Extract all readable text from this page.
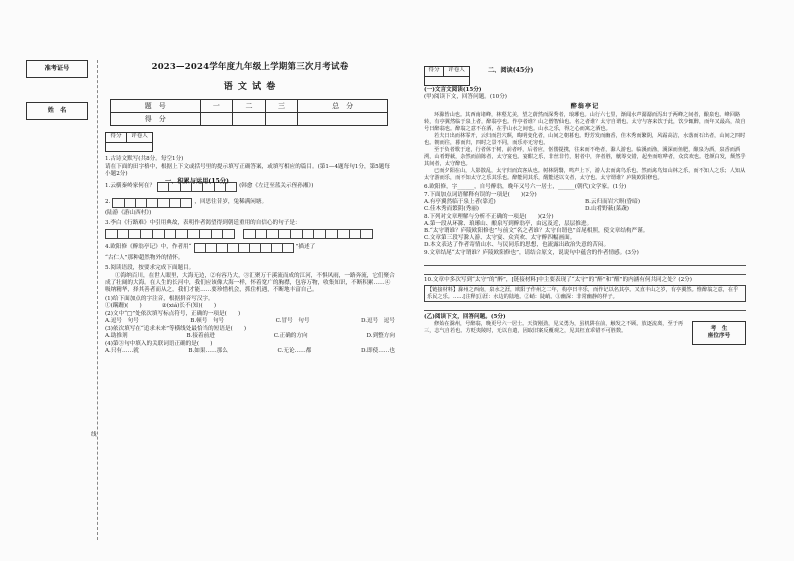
准考证号
姓　名
线
2023—2024学年度九年级上学期第三次月考试卷
语 文 试 卷
题　号	一	二	三	总　分
得　分				
得分	评卷人
一、积累与运用(15分)
1.古诗文默写(共8分。每空1分)
请在下面的田字格中，根据上下文或括号里的提示填写正确答案，或填写相应的篇目。(第1—4题每句1分，第5题每小题2分)
1.云横秦岭家何在？	(韩愈《左迁至蓝关示侄孙湘》)
2.	，回思往昔岁，兔稀满闲塘。
(陆游《游山西村》)
3.李白《行路难》中引用典故，表明作者渴望得到朝廷重用的自信心的句子是：
4.欧阳修《醉翁亭记》中，作者用“	”描述了
“古仁人”那种超然物外的情怀。
5.阅读语段，按要求完成下面题目。
①海纳百川，在世人眼里，大海无边，②有容乃大，③汇聚万千溪流而成的江河，不惧风雨，一路奔流，它们聚合成了壮阔的大海。在人生的长河中，我们应该像大海一样，怀着宽广的胸襟，包容万物，收集知识，不断积累……④吸纳精华，择其善者而从之，我们才能……要珍惜机会，抓住机遇，不断地丰富自己。
(1)给下面加点的字注音，根据拼音写汉字。
①(蹒跚)(　　)	②(xiá)长不(知)(　　)
(2)文中“□”处依次填写标点符号，正确的一项是(　　)
A.逗号　句号	B.顿号　句号	C.冒号　句号	D.逗号　逗号
(3)依次填写在“追求未来”等横线处最恰当的短语是(　　)
A.助推剂	B.接着前进	C.正确的方向	D.到整方向
(4)第③句中填入的关联词语正确的是(　　)
A.只有……就	B.如果……那么	C.无论……都	D.即使……也
得分	评卷人	二、阅读(45分)
(一)文言文阅读(15分)
(甲)阅读下文，回答问题。(10分)
醉翁亭记
环滁皆山也。其西南诸峰，林壑尤美，望之蔚然而深秀者，琅琊也。山行六七里，渐闻水声潺潺而泻出于两峰之间者，酿泉也。峰回路转，有亭翼然临于泉上者，醉翁亭也。作亭者谁？山之僧智仙也。名之者谁？太守自谓也。太守与客来饮于此，饮少辄醉，而年又最高，故自号曰醉翁也。醉翁之意不在酒，在乎山水之间也。山水之乐，得之心而寓之酒也。
若夫日出而林霏开，云归而岩穴暝，晦明变化者，山间之朝暮也。野芳发而幽香，佳木秀而繁阴，风霜高洁，水落而石出者，山间之四时也。朝而往，暮而归，四时之景不同，而乐亦无穷也。
至于负者歌于途，行者休于树，前者呼，后者应，伛偻提携，往来而不绝者，滁人游也。临溪而渔，溪深而鱼肥，酿泉为酒，泉香而酒洌，山肴野蔌，杂然而前陈者，太守宴也。宴酣之乐，非丝非竹，射者中，弈者胜，觥筹交错，起坐而喧哗者，众宾欢也。苍颜白发，颓然乎其间者，太守醉也。
已而夕阳在山，人影散乱，太守归而宾客从也。树林阴翳，鸣声上下，游人去而禽鸟乐也。然而禽鸟知山林之乐，而不知人之乐；人知从太守游而乐，而不知太守之乐其乐也。醉能同其乐，醒能述以文者，太守也。太守谓谁？庐陵欧阳修也。
6.欧阳修，字______，自号醉翁，晚年又号六一居士，______(朝代)文学家。(1分)
7.下面加点词语解释有误的一项是(　　)(2分)
A.有亭翼然临于泉上者(靠近)	B.云归而岩穴暝(昏暗)
C.佳木秀而繁阴(秀丽)	D.山肴野蔌(菜蔬)
8.下列对文章理解与分析不正确的一项是(　　)(2分)
A.第一段从环滁、琅琊山、酿泉写到醉翁亭，由远及近，层层推进。
B.“太守谓谁？庐陵欧阳修也”与前文“名之者谁？太守自谓也”首尾相照，使文章结构严谨。
C.文章第三段写滁人游、太守宴、众宾欢、太守醉四幅画面。
D.本文表达了作者寄情山水、与民同乐的思想，也流露出政治失意的苦闷。
9.文章结尾“太守谓谁？庐陵欧阳修也”，请结合原文，说说句中蕴含的作者情感。(3分)
10.文章中多次写到“太守”的“醉”，[链接材料]中主要表现了“太守”的“醉”和“醒”的内涵有何共同之处？(2分)
【链接材料】滁州之西南，泉水之涯，欧阳子作州之二年，构亭曰丰乐，而作记以名其亭。又直丰山之岁，有亭翼然。惟醉翁之意，在乎乐民之乐。……[注释]①涯：水边的陆地。②峭：陡峭。③幽深：非常幽静的样子。
(乙)阅读下文，回答问题。(5分)
修始在滁州，号醉翁，晚更号六一居士。天资刚劲，见义勇为，虽机阱在前，触发之不顾。放逐流离，至于再三，志气自若也。方贬夷陵时，无以自遣，因取旧案反覆观之，见其枉直乖错不可胜数。	考　生
座位序号
